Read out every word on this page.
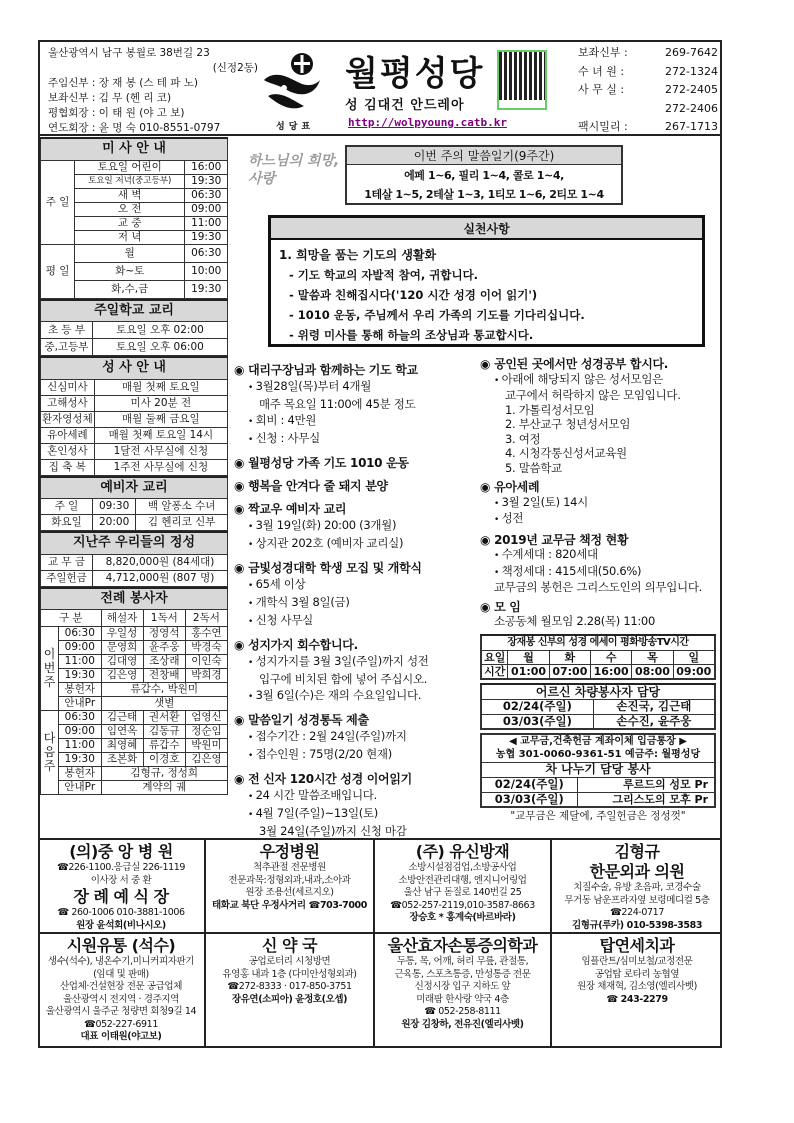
울산광역시 남구 봉월로 38번길 23
(신정2동)
주임신부 : 장 재 봉 (스 테 파 노)
보좌신부 : 김 무 (헨 리 코)
평협회장 : 이 태 원 (야 고 보)
연도회장 : 윤 명 숙 010-8551-0797	성당표
월평성당
성 김대건 안드레아
http://wolpyoung.catb.kr
보좌신부 :	269-7642
수 녀 원 :	272-1324
사 무 실 :	272-2405
272-2406
팩시밀리 :	267-1713
미 사 안 내		
주 일	토요일 어린이	16:00
	토요일 저녁(중고등부)	19:30
	새 벽	06:30
	오 전	09:00
	교 중	11:00
	저 녁	19:30
평 일	월	06:30
	화~토	10:00
	화,수,금	19:30
주일학교 교리	
초 등 부	토요일 오후 02:00
중,고등부	토요일 오후 06:00
성 사 안 내	
신심미사	매월 첫째 토요일
고해성사	미사 20분 전
환자영성체	매월 둘째 금요일
유아세례	매월 첫째 토요일 14시
혼인성사	1달전 사무실에 신청
집 축 복	1주전 사무실에 신청
예비자 교리		
주 일	09:30	백 알퐁소 수녀
화요일	20:00	김 헨리코 신부
지난주 우리들의 정성	
교 무 금	8,820,000원 (84세대)
주일헌금	4,712,000원 (807 명)
전례 봉사자				
구 분		해설자	1독서	2독서
이번주	06:30	우일성	정영석	홍수연
	09:00	문영희	윤주웅	박경숙
	11:00	김대영	조상래	이인숙
	19:30	김은영	전창배	박희경
	봉헌자	류갑수, 박원미		
	안내Pr	샛별		
다음주	06:30	김근태	권서환	엄영신
	09:00	임연옥	김동규	정순임
	11:00	최영혜	류갑수	박원미
	19:30	조본화	이경호	김은영
	봉헌자	김형규, 정성희		
	안내Pr	계약의 궤		
하느님의 희망, 사랑
이번 주의 말씀일기(9주간)
에페 1~6, 필리 1~4, 콜로 1~4,
1테살 1~5, 2테살 1~3, 1티모 1~6, 2티모 1~4
실천사항
1. 희망을 품는 기도의 생활화
- 기도 학교의 자발적 참여, 귀합니다.
- 말씀과 친해집시다('120 시간 성경 이어 읽기')
- 1010 운동, 주님께서 우리 가족의 기도를 기다리십니다.
- 위령 미사를 통해 하늘의 조상님과 통교합시다.
◉ 대리구장님과 함께하는 기도 학교
• 3월28일(목)부터 4개월
매주 목요일 11:00에 45분 정도
• 회비 : 4만원
• 신청 : 사무실
◉ 월평성당 가족 기도 1010 운동
◉ 행복을 안겨다 줄 돼지 분양
◉ 짝교우 예비자 교리
• 3월 19일(화) 20:00 (3개월)
• 상지관 202호 (예비자 교리실)
◉ 금빛성경대학 학생 모집 및 개학식
• 65세 이상
• 개학식 3월 8일(금)
• 신청 사무실
◉ 성지가지 회수합니다.
• 성지가지를 3월 3일(주일)까지 성전
입구에 비치된 함에 넣어 주십시오.
• 3월 6일(수)은 재의 수요일입니다.
◉ 말씀일기 성경통독 제출
• 접수기간 : 2월 24일(주일)까지
• 접수인원 : 75명(2/20 현재)
◉ 전 신자 120시간 성경 이어읽기
• 24 시간 말씀조배입니다.
• 4월 7일(주일)~13일(토)
3월 24일(주일)까지 신청 마감
◉ 공인된 곳에서만 성경공부 합시다.
• 아래에 해당되지 않은 성서모임은
교구에서 허락하지 않은 모임입니다.
1. 가톨릭성서모임
2. 부산교구 청년성서모임
3. 여정
4. 시청각통신성서교육원
5. 말씀학교
◉ 유아세례
• 3월 2일(토) 14시
• 성전
◉ 2019년 교무금 책정 현황
• 수계세대 : 820세대
• 책정세대 : 415세대(50.6%)
교무금의 봉헌은 그리스도인의 의무입니다.
◉ 모 임
소공동체 월모임 2.28(목) 11:00
장재봉 신부의 성경 에세이 평화방송TV시간					
요일	월	화	수	목	일
시간	01:00	07:00	16:00	08:00	09:00
어르신 차량봉사자 담당	
02/24(주일)	손진국, 김근태
03/03(주일)	손수진, 윤주웅
◀ 교무금,건축헌금 계좌이체 입금통장 ▶	
농협 301-0060-9361-51 예금주: 월평성당	
차 나누기 담당 봉사	
02/24(주일)	루르드의 성모 Pr
03/03(주일)	그리스도의 모후 Pr
"교무금은 제달에, 주일헌금은 정성껏"
(의)중 앙 병 원
☎226-1100.응급실 226-1119
이사장 서 중 환
장 례 예 식 장
☎ 260-1006 010-3881-1006
원장 윤석회(비나시오)
우정병원
척추관절 전문병원
전문과목:정형외과,내과,소아과
원장 조용선(세르지오)
태화교 북단 우정사거리 ☎703-7000
(주) 유신방재
소방시설점검업,소방공사업
소방안전관리대행, 엔지니어링업
울산 남구 돋질로 140번길 25
☎052-257-2119,010-3587-8663
장승호 * 홍계숙(바르바라)
김형규
한문외과 의원
치질수술, 유방 초음파, 코경수술
무거동 남운프라자옆 보령메디컬 5층
☎224-0717
김형규(루카) 010-5398-3583
시원유통 (석수)
생수(석수), 냉온수기,미니커피자판기
(임대 및 판매)
산업체·건설현장 전문 공급업체
울산광역시 전지역 · 경주지역
울산광역시 울주군 청량면 회청9길 14
☎052-227-6911
대표 이태원(야고보)
신 약 국
공업로터리 시청방면
유영홍 내과 1층 (다미안성형외과)
☎272-8333 · 017-850-3751
장유연(소피아) 윤정호(오셉)
울산효자손통증의학과
두통, 목, 어깨, 허리 무릎, 관절통,
근육통, 스포츠통증, 만성통증 전문
신정시장 입구 지하도 앞
미래팜 한사랑 약국 4층
☎ 052-258-8111
원장 김창하, 전유진(엘리사벳)
탑연세치과
임플란트/심미보철/교정전문
공업탑 로타리 농협옆
원장 채재혁, 김소영(엘리사벳)
☎ 243-2279
